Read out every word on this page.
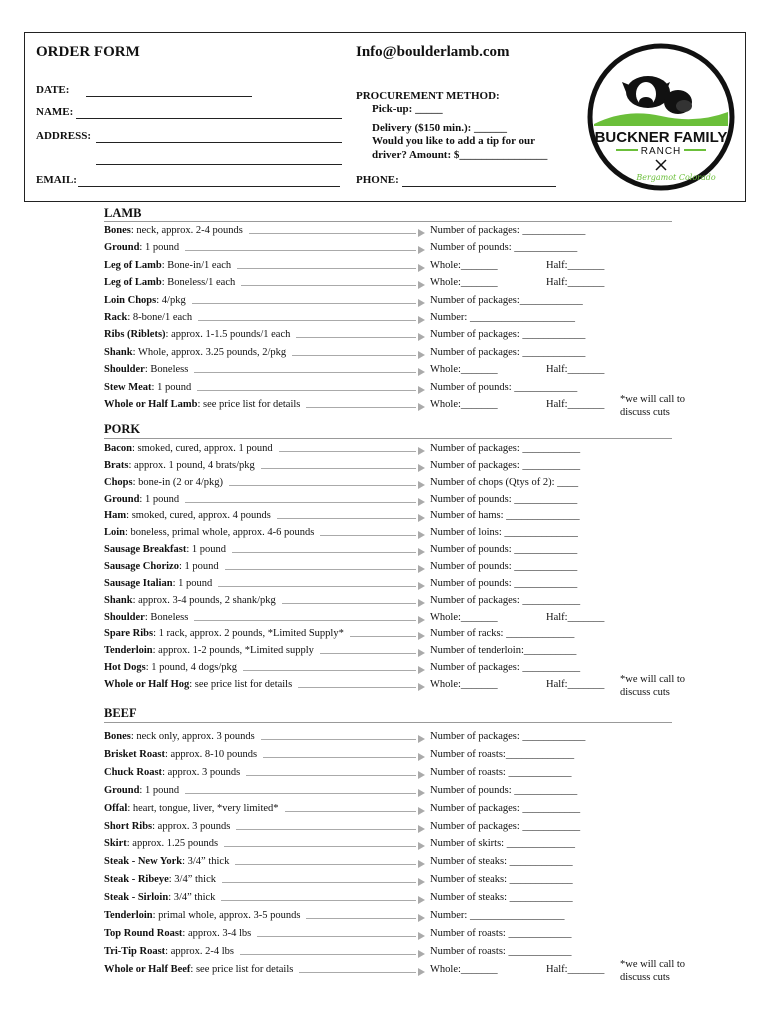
ORDER FORM	Info@boulderlamb.com
DATE:
NAME:
ADDRESS:
EMAIL:
PROCUREMENT METHOD:
Pick-up: _____
Delivery ($150 min.): ______
Would you like to add a tip for our
driver? Amount: $________________
PHONE:
BUCKNER FAMILY
RANCH
Bergamot Colorado
LAMB
Bones: neck, approx. 2-4 pounds	Number of packages: ____________
Ground: 1 pound	Number of pounds: ____________
Leg of Lamb: Bone-in/1 each	Whole:_______	Half:_______
Leg of Lamb: Boneless/1 each	Whole:_______	Half:_______
Loin Chops: 4/pkg	Number of packages:____________
Rack: 8-bone/1 each	Number: ____________________
Ribs (Riblets): approx. 1-1.5 pounds/1 each	Number of packages: ____________
Shank: Whole, approx. 3.25 pounds, 2/pkg	Number of packages: ____________
Shoulder: Boneless	Whole:_______	Half:_______
Stew Meat: 1 pound	Number of pounds: ____________
Whole or Half Lamb: see price list for details	Whole:_______	Half:_______ *we will call to discuss cuts
PORK
Bacon: smoked, cured, approx. 1 pound	Number of packages: ___________
Brats: approx. 1 pound, 4 brats/pkg	Number of packages: ___________
Chops: bone-in (2 or 4/pkg)	Number of chops (Qtys of 2): ____
Ground: 1 pound	Number of pounds: ____________
Ham: smoked, cured, approx. 4 pounds	Number of hams: ______________
Loin: boneless, primal whole, approx. 4-6 pounds	Number of loins: ______________
Sausage Breakfast: 1 pound	Number of pounds: ____________
Sausage Chorizo: 1 pound	Number of pounds: ____________
Sausage Italian: 1 pound	Number of pounds: ____________
Shank: approx. 3-4 pounds, 2 shank/pkg	Number of packages: ___________
Shoulder: Boneless	Whole:_______	Half:_______
Spare Ribs: 1 rack, approx. 2 pounds, *Limited Supply*	Number of racks: _____________
Tenderloin: approx. 1-2 pounds, *Limited supply	Number of tenderloin:__________
Hot Dogs: 1 pound, 4 dogs/pkg	Number of packages: ___________
Whole or Half Hog: see price list for details	Whole:_______	Half:_______ *we will call to discuss cuts
BEEF
Bones: neck only, approx. 3 pounds	Number of packages: ____________
Brisket Roast: approx. 8-10 pounds	Number of roasts:_____________
Chuck Roast: approx. 3 pounds	Number of roasts: ____________
Ground: 1 pound	Number of pounds: ____________
Offal: heart, tongue, liver, *very limited*	Number of packages: ___________
Short Ribs: approx. 3 pounds	Number of packages: ___________
Skirt: approx. 1.25 pounds	Number of skirts: _____________
Steak - New York: 3/4” thick	Number of steaks: ____________
Steak - Ribeye: 3/4” thick	Number of steaks: ____________
Steak - Sirloin: 3/4” thick	Number of steaks: ____________
Tenderloin: primal whole, approx. 3-5 pounds	Number: __________________
Top Round Roast: approx. 3-4 lbs	Number of roasts: ____________
Tri-Tip Roast: approx. 2-4 lbs	Number of roasts: ____________
Whole or Half Beef: see price list for details	Whole:_______	Half:_______ *we will call to discuss cuts
